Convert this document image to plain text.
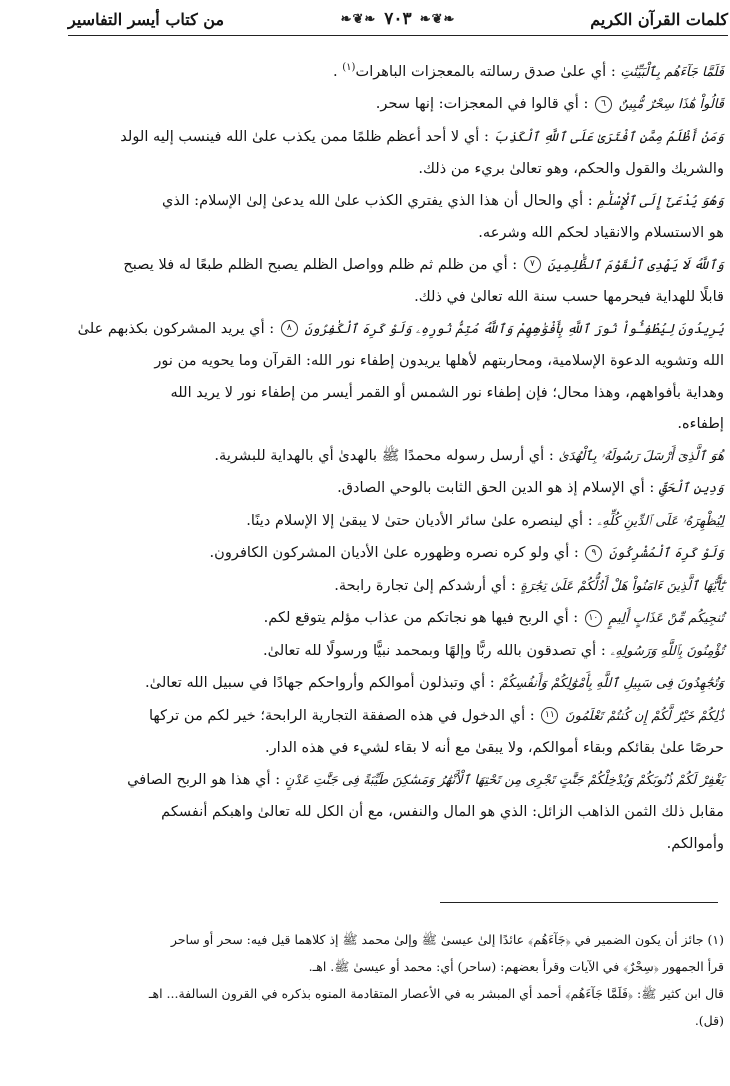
كلمات القرآن الكريم
❧❦❧
٧٠٣
❧❦❧
من كتاب أيسر التفاسير
فَلَمَّا جَآءَهُم بِٱلْبَيِّنَٰتِ : أي علىٰ صدق رسالته بالمعجزات الباهرات$^{(١)}$ .
قَالُواْ هَٰذَا سِحْرٌ مُّبِينٌ ٦ : أي قالوا في المعجزات: إنها سحر.
وَمَنْ أَظْلَمُ مِمَّنِ ٱفْتَرَىٰ عَلَى ٱللَّهِ ٱلْكَذِبَ : أي لا أحد أعظم ظلمًا ممن يكذب علىٰ الله فينسب إليه الولد
والشريك والقول والحكم، وهو تعالىٰ بريء من ذلك.
وَهُوَ يُدْعَىٰٓ إِلَى ٱلْإِسْلَٰمِ : أي والحال أن هذا الذي يفتري الكذب علىٰ الله يدعىٰ إلىٰ الإسلام: الذي
هو الاستسلام والانقياد لحكم الله وشرعه.
وَٱللَّهُ لَا يَهْدِى ٱلْقَوْمَ ٱلظَّٰلِمِينَ ٧ : أي من ظلم ثم ظلم وواصل الظلم يصبح الظلم طبعًا له فلا يصبح
قابلًا للهداية فيحرمها حسب سنة الله تعالىٰ في ذلك.
يُرِيدُونَ لِيُطْفِـُٔواْ نُورَ ٱللَّهِ بِأَفْوَٰهِهِمْ وَٱللَّهُ مُتِمُّ نُورِهِۦ وَلَوْ كَرِهَ ٱلْكَٰفِرُونَ ٨ : أي يريد المشركون بكذبهم علىٰ
الله وتشويه الدعوة الإسلامية، ومحاربتهم لأهلها يريدون إطفاء نور الله: القرآن وما يحويه من نور
وهداية بأفواههم، وهذا محال؛ فإن إطفاء نور الشمس أو القمر أيسر من إطفاء نور لا يريد الله
إطفاءه.
هُوَ ٱلَّذِىٓ أَرْسَلَ رَسُولَهُۥ بِٱلْهُدَىٰ : أي أرسل رسوله محمدًا ﷺ بالهدىٰ أي بالهداية للبشرية.
وَدِينِ ٱلْحَقِّ : أي الإسلام إذ هو الدين الحق الثابت بالوحي الصادق.
لِيُظْهِرَهُۥ عَلَى ٱلدِّينِ كُلِّهِۦ : أي لينصره علىٰ سائر الأديان حتىٰ لا يبقىٰ إلا الإسلام دينًا.
وَلَوْ كَرِهَ ٱلْمُشْرِكُونَ ٩ : أي ولو كره نصره وظهوره علىٰ الأديان المشركون الكافرون.
يَٰٓأَيُّهَا ٱلَّذِينَ ءَامَنُواْ هَلْ أَدُلُّكُمْ عَلَىٰ تِجَٰرَةٍ : أي أرشدكم إلىٰ تجارة رابحة.
تُنجِيكُم مِّنْ عَذَابٍ أَلِيمٍ ١٠ : أي الربح فيها هو نجاتكم من عذاب مؤلم يتوقع لكم.
تُؤْمِنُونَ بِٱللَّهِ وَرَسُولِهِۦ : أي تصدقون بالله ربًّا وإلهًا وبمحمد نبيًّا ورسولًا لله تعالىٰ.
وَتُجَٰهِدُونَ فِى سَبِيلِ ٱللَّهِ بِأَمْوَٰلِكُمْ وَأَنفُسِكُمْ : أي وتبذلون أموالكم وأرواحكم جهادًا في سبيل الله تعالىٰ.
ذَٰلِكُمْ خَيْرٌ لَّكُمْ إِن كُنتُمْ تَعْلَمُونَ ١١ : أي الدخول في هذه الصفقة التجارية الرابحة؛ خير لكم من تركها
حرصًا علىٰ بقائكم وبقاء أموالكم، ولا يبقىٰ مع أنه لا بقاء لشيء في هذه الدار.
يَغْفِرْ لَكُمْ ذُنُوبَكُمْ وَيُدْخِلْكُمْ جَنَّٰتٍ تَجْرِى مِن تَحْتِهَا ٱلْأَنْهَٰرُ وَمَسَٰكِنَ طَيِّبَةً فِى جَنَّٰتِ عَدْنٍ : أي هذا هو الربح الصافي
مقابل ذلك الثمن الذاهب الزائل: الذي هو المال والنفس، مع أن الكل لله تعالىٰ واهبكم أنفسكم
وأموالكم.
(١) جائز أن يكون الضمير في ﴿جَآءَهُم﴾ عائدًا إلىٰ عيسىٰ ﷺ وإلىٰ محمد ﷺ إذ كلاهما قيل فيه: سحر أو ساحر
قرأ الجمهور ﴿سِحْرٌ﴾ في الآيات وقرأ بعضهم: (ساحر) أي: محمد أو عيسىٰ ﷺ. اهـ.
قال ابن كثير ﷺ: ﴿فَلَمَّا جَآءَهُم﴾ أحمد أي المبشر به في الأعصار المتقادمة المنوه بذكره في القرون السالفة... اهـ
(قل).
